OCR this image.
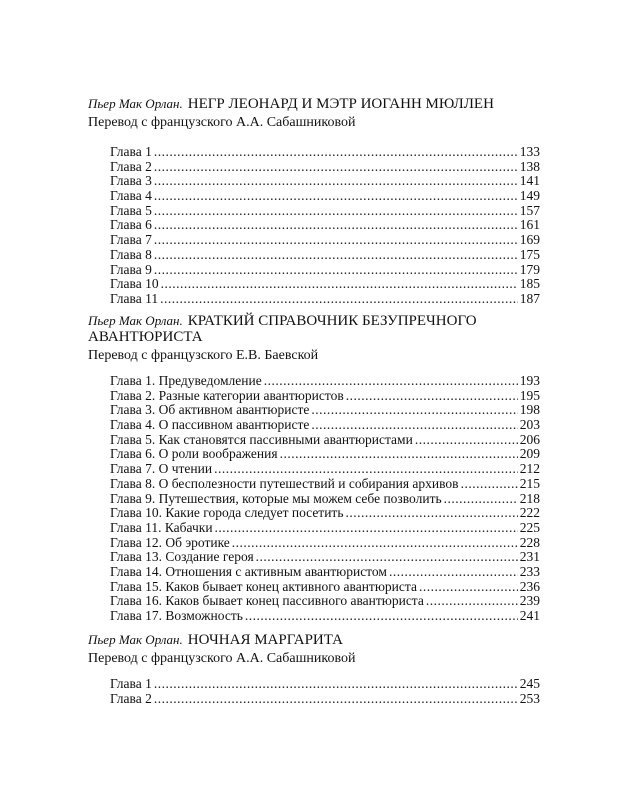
Пьер Мак Орлан. НЕГР ЛЕОНАРД И МЭТР ИОГАНН МЮЛЛЕН
Перевод с французского А.А. Сабашниковой
Глава 1 .....	133
Глава 2 .....	138
Глава 3 .....	141
Глава 4 .....	149
Глава 5 .....	157
Глава 6 .....	161
Глава 7 .....	169
Глава 8 .....	175
Глава 9 .....	179
Глава 10 .....	185
Глава 11 .....	187
Пьер Мак Орлан. КРАТКИЙ СПРАВОЧНИК БЕЗУПРЕЧНОГО АВАНТЮРИСТА
Перевод с французского Е.В. Баевской
Глава 1. Предуведомление .....	193
Глава 2. Разные категории авантюристов .....	195
Глава 3. Об активном авантюристе .....	198
Глава 4. О пассивном авантюристе .....	203
Глава 5. Как становятся пассивными авантюристами .....	206
Глава 6. О роли воображения .....	209
Глава 7. О чтении .....	212
Глава 8. О бесполезности путешествий и собирания архивов .....	215
Глава 9. Путешествия, которые мы можем себе позволить .....	218
Глава 10. Какие города следует посетить .....	222
Глава 11. Кабачки .....	225
Глава 12. Об эротике .....	228
Глава 13. Создание героя .....	231
Глава 14. Отношения с активным авантюристом .....	233
Глава 15. Каков бывает конец активного авантюриста .....	236
Глава 16. Каков бывает конец пассивного авантюриста .....	239
Глава 17. Возможность .....	241
Пьер Мак Орлан. НОЧНАЯ МАРГАРИТА
Перевод с французского А.А. Сабашниковой
Глава 1 .....	245
Глава 2 .....	253
